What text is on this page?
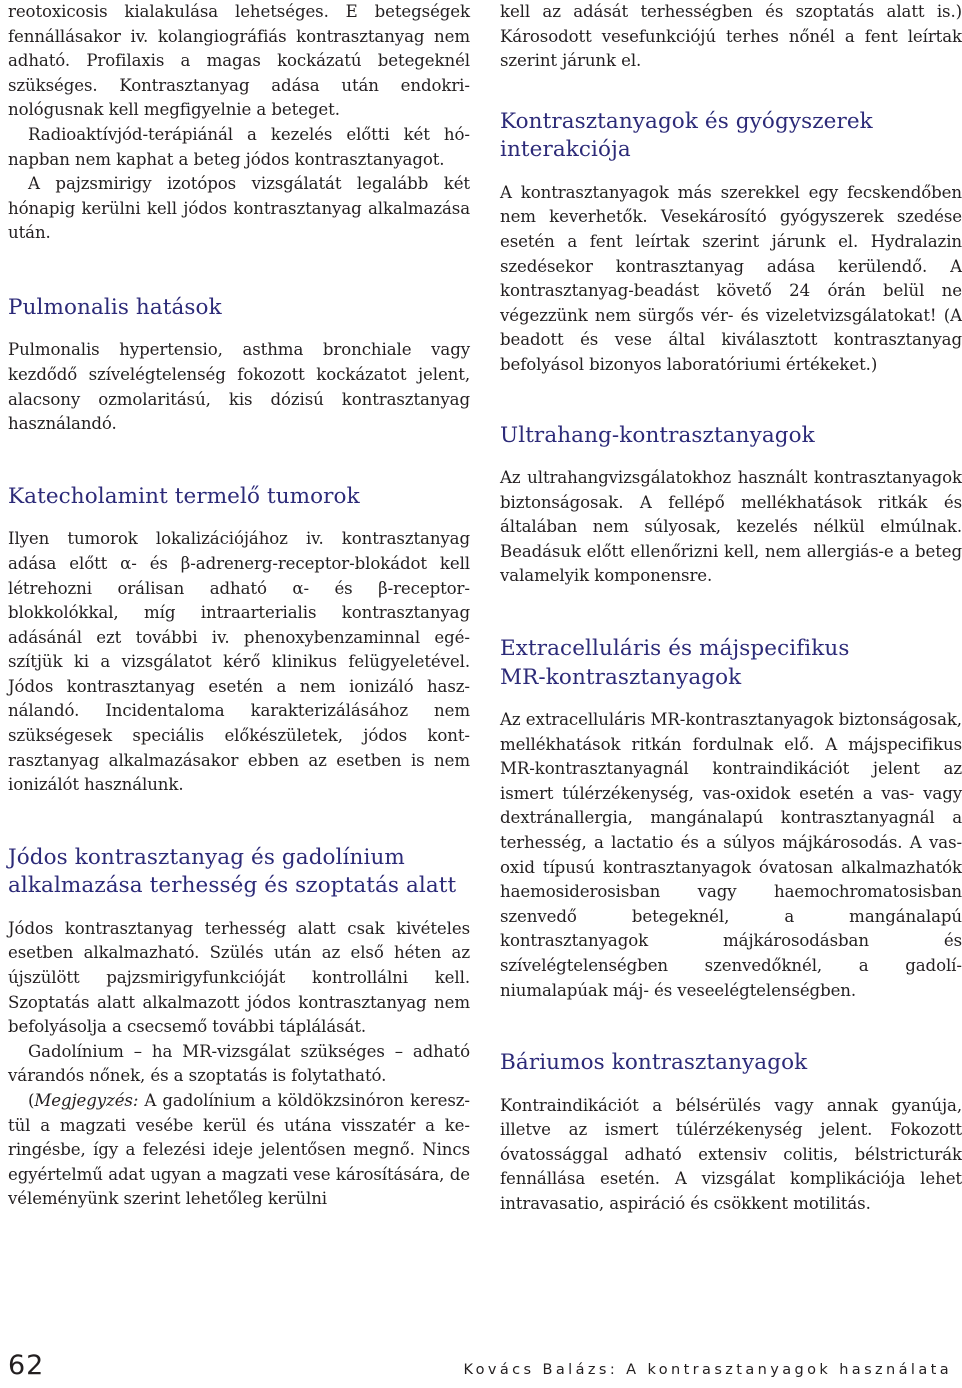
reotoxicosis kialakulása lehetséges. E betegségek fennállásakor iv. kolangiográfiás kontrasztanyag nem adható. Profilaxis a magas kockázatú betegeknél szükséges. Kontrasztanyag adása után endokrinológusnak kell megfigyelnie a beteget.

Radioaktívjód-terápiánál a kezelés előtti két hónapban nem kaphat a beteg jódos kontrasztanyagot.

A pajzsmirigy izotópos vizsgálatát legalább két hónapig kerülni kell jódos kontrasztanyag alkalmazása után.

Pulmonalis hatások

Pulmonalis hypertensio, asthma bronchiale vagy kezdődő szívelégtelenség fokozott kockázatot jelent, alacsony ozmolaritású, kis dózisú kontrasztanyag használandó.

Katecholamint termelő tumorok

Ilyen tumorok lokalizációjához iv. kontrasztanyag adása előtt α- és β-adrenerg-receptor-blokádot kell létrehozni orálisan adható α- és β-receptorblokkolókkal, míg intraarterialis kontrasztanyag adásánál ezt további iv. phenoxybenzaminnal egészítjük ki a vizsgálatot kérő klinikus felügyeletével. Jódos kontrasztanyag esetén a nem ionizáló használandó. Incidentaloma karakterizálásához nem szükségesek speciális előkészületek, jódos kontrasztanyag alkalmazásakor ebben az esetben is nem ionizálót használunk.

Jódos kontrasztanyag és gadolínium
alkalmazása terhesség és szoptatás alatt

Jódos kontrasztanyag terhesség alatt csak kivételes esetben alkalmazható. Szülés után az első héten az újszülött pajzsmirigyfunkcióját kontrollálni kell. Szoptatás alatt alkalmazott jódos kontrasztanyag nem befolyásolja a csecsemő további táplálását.

Gadolínium – ha MR-vizsgálat szükséges – adható várandós nőnek, és a szoptatás is folytatható.

(Megjegyzés: A gadolínium a köldökzsinóron keresztül a magzati vesébe kerül és utána visszatér a keringésbe, így a felezési ideje jelentősen megnő. Nincs egyértelmű adat ugyan a magzati vese károsítására, de véleményünk szerint lehetőleg kerülni

kell az adását terhességben és szoptatás alatt is.) Károsodott vesefunkciójú terhes nőnél a fent leírtak szerint járunk el.

Kontrasztanyagok és gyógyszerek
interakciója

A kontrasztanyagok más szerekkel egy fecskendőben nem keverhetők. Vesekárosító gyógyszerek szedése esetén a fent leírtak szerint járunk el. Hydralazin szedésekor kontrasztanyag adása kerülendő. A kontrasztanyag-beadást követő 24 órán belül ne végezzünk nem sürgős vér- és vizeletvizsgálatokat! (A beadott és vese által kiválasztott kontrasztanyag befolyásol bizonyos laboratóriumi értékeket.)

Ultrahang-kontrasztanyagok

Az ultrahangvizsgálatokhoz használt kontrasztanyagok biztonságosak. A fellépő mellékhatások ritkák és általában nem súlyosak, kezelés nélkül elmúlnak. Beadásuk előtt ellenőrizni kell, nem allergiás-e a beteg valamelyik komponensre.

Extracelluláris és májspecifikus
MR-kontrasztanyagok

Az extracelluláris MR-kontrasztanyagok biztonságosak, mellékhatások ritkán fordulnak elő. A májspecifikus MR-kontrasztanyagnál kontraindikációt jelent az ismert túlérzékenység, vas-oxidok esetén a vas- vagy dextránallergia, mangánalapú kontrasztanyagnál a terhesség, a lactatio és a súlyos májkárosodás. A vas-oxid típusú kontrasztanyagok óvatosan alkalmazhatók haemosiderosisban vagy haemochromatosisban szenvedő betegeknél, a mangánalapú kontrasztanyagok májkárosodásban és szívelégtelenségben szenvedőknél, a gadolíniumalapúak máj- és veseelégtelenségben.

Báriumos kontrasztanyagok

Kontraindikációt a bélsérülés vagy annak gyanúja, illetve az ismert túlérzékenység jelent. Fokozott óvatossággal adható extensiv colitis, bélstricturák fennállása esetén. A vizsgálat komplikációja lehet intravasatio, aspiráció és csökkent motilitás.

62	Kovács Balázs: A kontrasztanyagok használata
